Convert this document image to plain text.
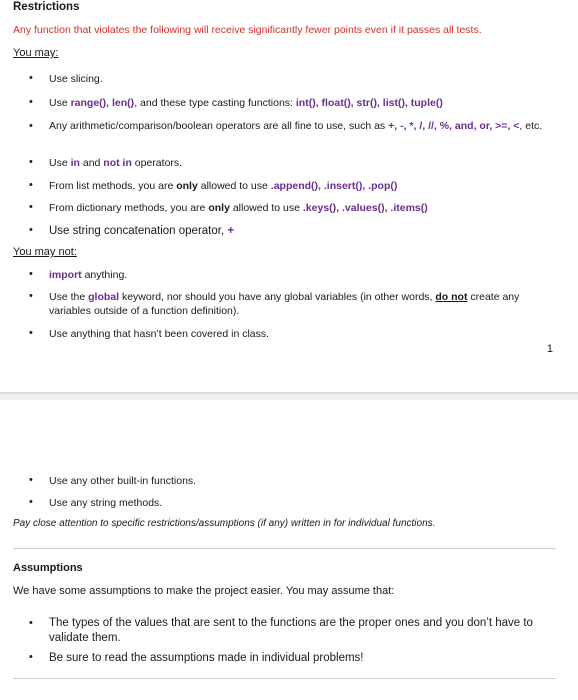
Restrictions
Any function that violates the following will receive significantly fewer points even if it passes all tests.
You may:
•
Use slicing.
•
Use range(), len(), and these type casting functions: int(), float(), str(), list(), tuple()
•
Any arithmetic/comparison/boolean operators are all fine to use, such as +, -, *, /, //, %, and, or, >=, <, etc.
•
Use in and not in operators.
•
From list methods, you are only allowed to use .append(), .insert(), .pop()
•
From dictionary methods, you are only allowed to use .keys(), .values(), .items()
•
Use string concatenation operator, +
You may not:
•
import anything.
•
Use the global keyword, nor should you have any global variables (in other words, do not create any variables outside of a function definition).
•
Use anything that hasn’t been covered in class.
1
•
Use any other built-in functions.
•
Use any string methods.
Pay close attention to specific restrictions/assumptions (if any) written in for individual functions.
Assumptions
We have some assumptions to make the project easier. You may assume that:
•
The types of the values that are sent to the functions are the proper ones and you don’t have to validate them.
•
Be sure to read the assumptions made in individual problems!
